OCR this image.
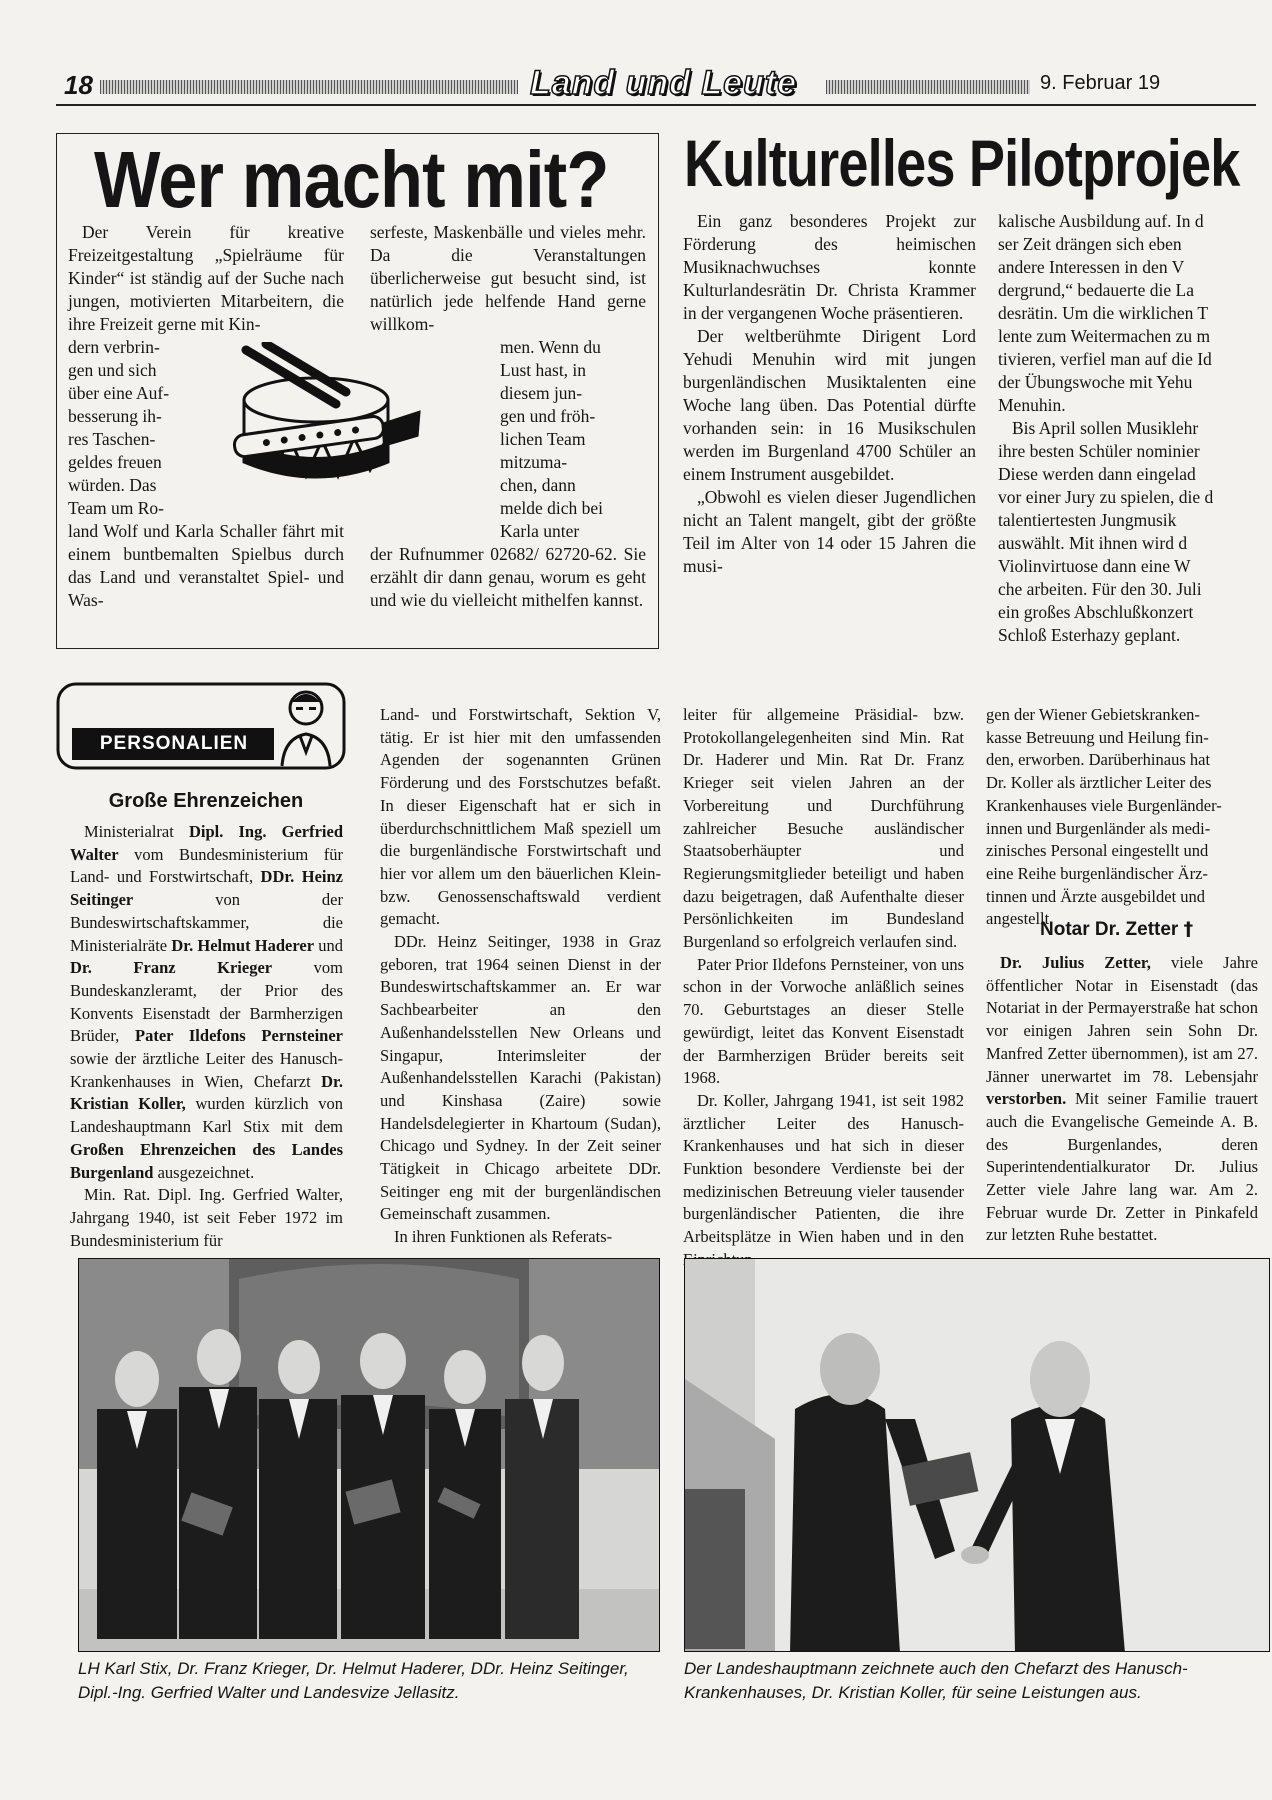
18	Land und Leute	9. Februar 19
Wer macht mit?
Der Verein für kreative Freizeitgestaltung „Spielräume für Kinder“ ist ständig auf der Suche nach jungen, motivierten Mitarbeitern, die ihre Freizeit gerne mit Kin-
dern verbrin-
gen und sich
über eine Auf-
besserung ih-
res Taschen-
geldes freuen
würden. Das
Team um Ro-
land Wolf und Karla Schaller fährt mit einem buntbemalten Spielbus durch das Land und veranstaltet Spiel- und Was-
serfeste, Maskenbälle und vieles mehr. Da die Veranstaltungen überlicherweise gut besucht sind, ist natürlich jede helfende Hand gerne willkom-
men. Wenn du
Lust hast, in
diesem jun-
gen und fröh-
lichen Team
mitzuma-
chen, dann
melde dich bei
Karla unter
der Rufnummer 02682/ 62720-62. Sie erzählt dir dann genau, worum es geht und wie du vielleicht mithelfen kannst.
Kulturelles Pilotprojek

Ein ganz besonderes Projekt zur Förderung des heimischen Musiknachwuchses konnte Kulturlandesrätin Dr. Christa Krammer in der vergangenen Woche präsentieren.

Der weltberühmte Dirigent Lord Yehudi Menuhin wird mit jungen burgenländischen Musiktalenten eine Woche lang üben. Das Potential dürfte vorhanden sein: in 16 Musikschulen werden im Burgenland 4700 Schüler an einem Instrument ausgebildet.

„Obwohl es vielen dieser Jugendlichen nicht an Talent mangelt, gibt der größte Teil im Alter von 14 oder 15 Jahren die musi-

kalische Ausbildung auf. In d
ser Zeit drängen sich eben
andere Interessen in den V
dergrund,“ bedauerte die La
desrätin. Um die wirklichen T
lente zum Weitermachen zu m
tivieren, verfiel man auf die Id
der Übungswoche mit Yehu
Menuhin.
Bis April sollen Musiklehr
ihre besten Schüler nominier
Diese werden dann eingelad
vor einer Jury zu spielen, die d
talentiertesten Jungmusik
auswählt. Mit ihnen wird d
Violinvirtuose dann eine W
che arbeiten. Für den 30. Juli
ein großes Abschlußkonzert
Schloß Esterhazy geplant.
PERSONALIEN
Große Ehrenzeichen
Ministerialrat Dipl. Ing. Gerfried Walter vom Bundesministerium für Land- und Forstwirtschaft, DDr. Heinz Seitinger von der Bundeswirtschaftskammer, die Ministerialräte Dr. Helmut Haderer und Dr. Franz Krieger vom Bundeskanzleramt, der Prior des Konvents Eisenstadt der Barmherzigen Brüder, Pater Ildefons Pernsteiner sowie der ärztliche Leiter des Hanusch-Krankenhauses in Wien, Chefarzt Dr. Kristian Koller, wurden kürzlich von Landeshauptmann Karl Stix mit dem Großen Ehrenzeichen des Landes Burgenland ausgezeichnet.
Min. Rat. Dipl. Ing. Gerfried Walter, Jahrgang 1940, ist seit Feber 1972 im Bundesministerium für

Land- und Forstwirtschaft, Sektion V, tätig. Er ist hier mit den umfassenden Agenden der sogenannten Grünen Förderung und des Forstschutzes befaßt. In dieser Eigenschaft hat er sich in überdurchschnittlichem Maß speziell um die burgenländische Forstwirtschaft und hier vor allem um den bäuerlichen Klein- bzw. Genossenschaftswald verdient gemacht.

DDr. Heinz Seitinger, 1938 in Graz geboren, trat 1964 seinen Dienst in der Bundeswirtschaftskammer an. Er war Sachbearbeiter an den Außenhandelsstellen New Orleans und Singapur, Interimsleiter der Außenhandelsstellen Karachi (Pakistan) und Kinshasa (Zaire) sowie Handelsdelegierter in Khartoum (Sudan), Chicago und Sydney. In der Zeit seiner Tätigkeit in Chicago arbeitete DDr. Seitinger eng mit der burgenländischen Gemeinschaft zusammen.

In ihren Funktionen als Referats-

leiter für allgemeine Präsidial- bzw. Protokollangelegenheiten sind Min. Rat Dr. Haderer und Min. Rat Dr. Franz Krieger seit vielen Jahren an der Vorbereitung und Durchführung zahlreicher Besuche ausländischer Staatsoberhäupter und Regierungsmitglieder beteiligt und haben dazu beigetragen, daß Aufenthalte dieser Persönlichkeiten im Bundesland Burgenland so erfolgreich verlaufen sind.

Pater Prior Ildefons Pernsteiner, von uns schon in der Vorwoche anläßlich seines 70. Geburtstages an dieser Stelle gewürdigt, leitet das Konvent Eisenstadt der Barmherzigen Brüder bereits seit 1968.

Dr. Koller, Jahrgang 1941, ist seit 1982 ärztlicher Leiter des Hanusch-Krankenhauses und hat sich in dieser Funktion besondere Verdienste bei der medizinischen Betreuung vieler tausender burgenländischer Patienten, die ihre Arbeitsplätze in Wien haben und in den

gen der Wiener Gebietskranken-
kasse Betreuung und Heilung fin-
den, erworben. Darüberhinaus hat
Dr. Koller als ärztlicher Leiter des
Krankenhauses viele Burgenländer-
innen und Burgenländer als medi-
zinisches Personal eingestellt und
eine Reihe burgenländischer Ärz-
tinnen und Ärzte ausgebildet und
angestellt.
Notar Dr. Zetter †
Dr. Julius Zetter, viele Jahre öffentlicher Notar in Eisenstadt (das Notariat in der Permayerstraße hat schon vor einigen Jahren sein Sohn Dr. Manfred Zetter übernommen), ist am 27. Jänner unerwartet im 78. Lebensjahr verstorben. Mit seiner Familie trauert auch die Evangelische Gemeinde A. B. des Burgenlandes, deren Superintendentialkurator Dr. Julius Zetter viele Jahre lang war. Am 2. Februar wurde Dr. Zetter in Pinkafeld zur letzten Ruhe bestattet.
LH Karl Stix, Dr. Franz Krieger, Dr. Helmut Haderer, DDr. Heinz Seitinger, Dipl.-Ing. Gerfried Walter und Landesvize Jellasitz.
Der Landeshauptmann zeichnete auch den Chefarzt des Hanusch-Krankenhauses, Dr. Kristian Koller, für seine Leistungen aus.
